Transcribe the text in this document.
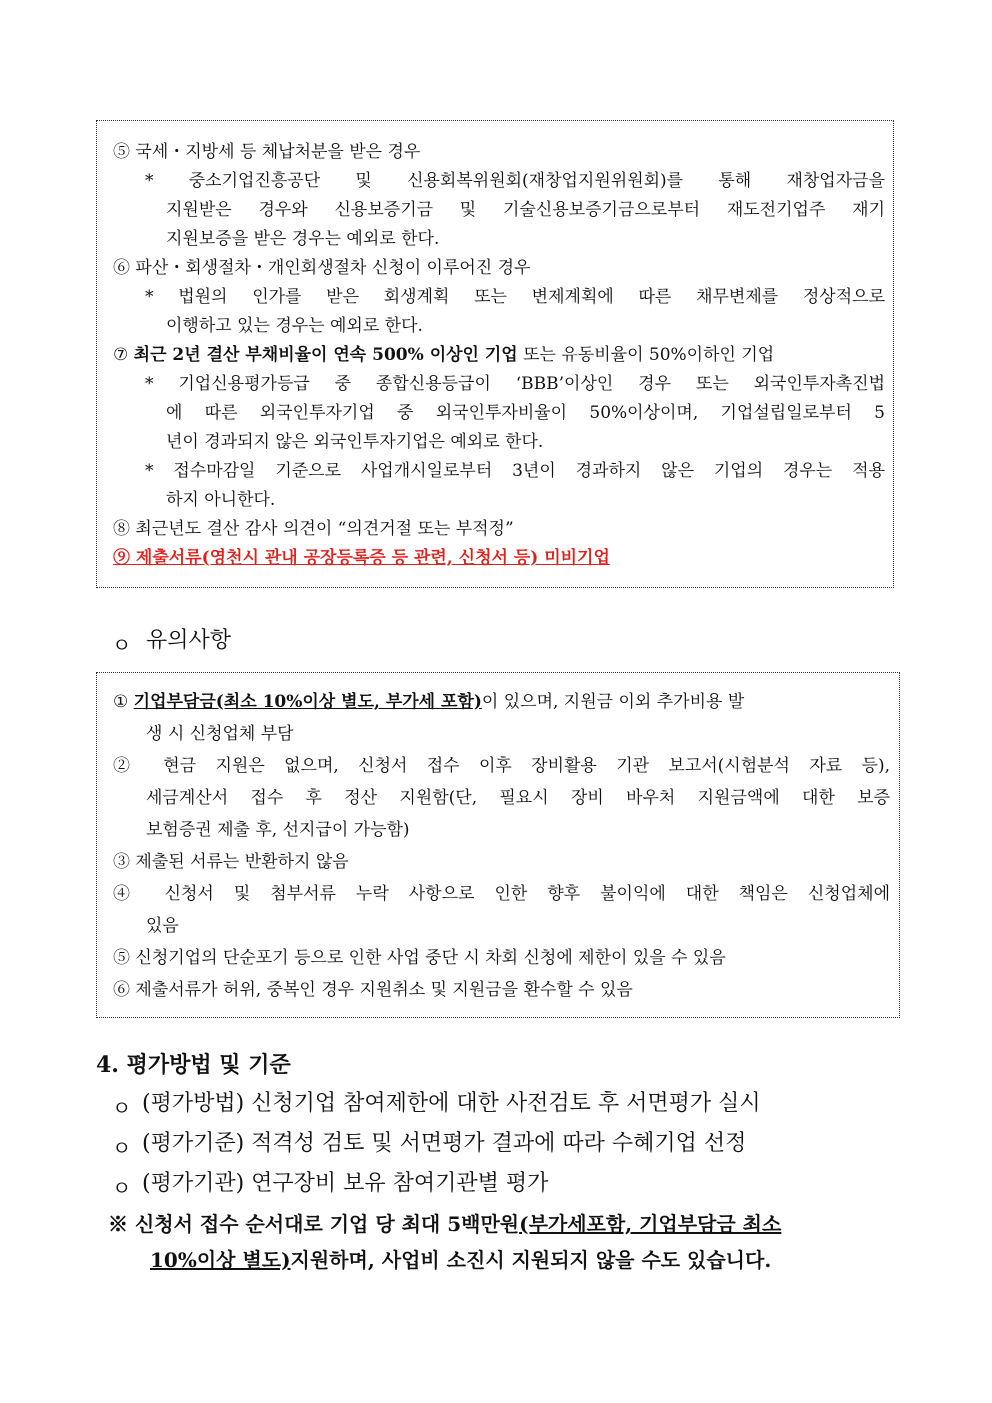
⑤ 국세・지방세 등 체납처분을 받은 경우
* 중소기업진흥공단 및 신용회복위원회(재창업지원위원회)를 통해 재창업자금을
지원받은 경우와 신용보증기금 및 기술신용보증기금으로부터 재도전기업주 재기
지원보증을 받은 경우는 예외로 한다.
⑥ 파산・회생절차・개인회생절차 신청이 이루어진 경우
* 법원의 인가를 받은 회생계획 또는 변제계획에 따른 채무변제를 정상적으로
이행하고 있는 경우는 예외로 한다.
⑦ 최근 2년 결산 부채비율이 연속 500% 이상인 기업 또는 유동비율이 50%이하인 기업
* 기업신용평가등급 중 종합신용등급이 ‘BBB’이상인 경우 또는 외국인투자촉진법
에 따른 외국인투자기업 중 외국인투자비율이 50%이상이며, 기업설립일로부터 5
년이 경과되지 않은 외국인투자기업은 예외로 한다.
* 접수마감일 기준으로 사업개시일로부터 3년이 경과하지 않은 기업의 경우는 적용
하지 아니한다.
⑧ 최근년도 결산 감사 의견이 “의견거절 또는 부적정”
⑨ 제출서류(영천시 관내 공장등록증 등 관련, 신청서 등) 미비기업
ㅇ 유의사항
① 기업부담금(최소 10%이상 별도, 부가세 포함)이 있으며, 지원금 이외 추가비용 발
생 시 신청업체 부담
② 현금 지원은 없으며, 신청서 접수 이후 장비활용 기관 보고서(시험분석 자료 등),
세금계산서 접수 후 정산 지원함(단, 필요시 장비 바우처 지원금액에 대한 보증
보험증권 제출 후, 선지급이 가능함)
③ 제출된 서류는 반환하지 않음
④ 신청서 및 첨부서류 누락 사항으로 인한 향후 불이익에 대한 책임은 신청업체에
있음
⑤ 신청기업의 단순포기 등으로 인한 사업 중단 시 차회 신청에 제한이 있을 수 있음
⑥ 제출서류가 허위, 중복인 경우 지원취소 및 지원금을 환수할 수 있음
4. 평가방법 및 기준
ㅇ (평가방법) 신청기업 참여제한에 대한 사전검토 후 서면평가 실시
ㅇ (평가기준) 적격성 검토 및 서면평가 결과에 따라 수혜기업 선정
ㅇ (평가기관) 연구장비 보유 참여기관별 평가
※ 신청서 접수 순서대로 기업 당 최대 5백만원(부가세포함, 기업부담금 최소
10%이상 별도)지원하며, 사업비 소진시 지원되지 않을 수도 있습니다.
